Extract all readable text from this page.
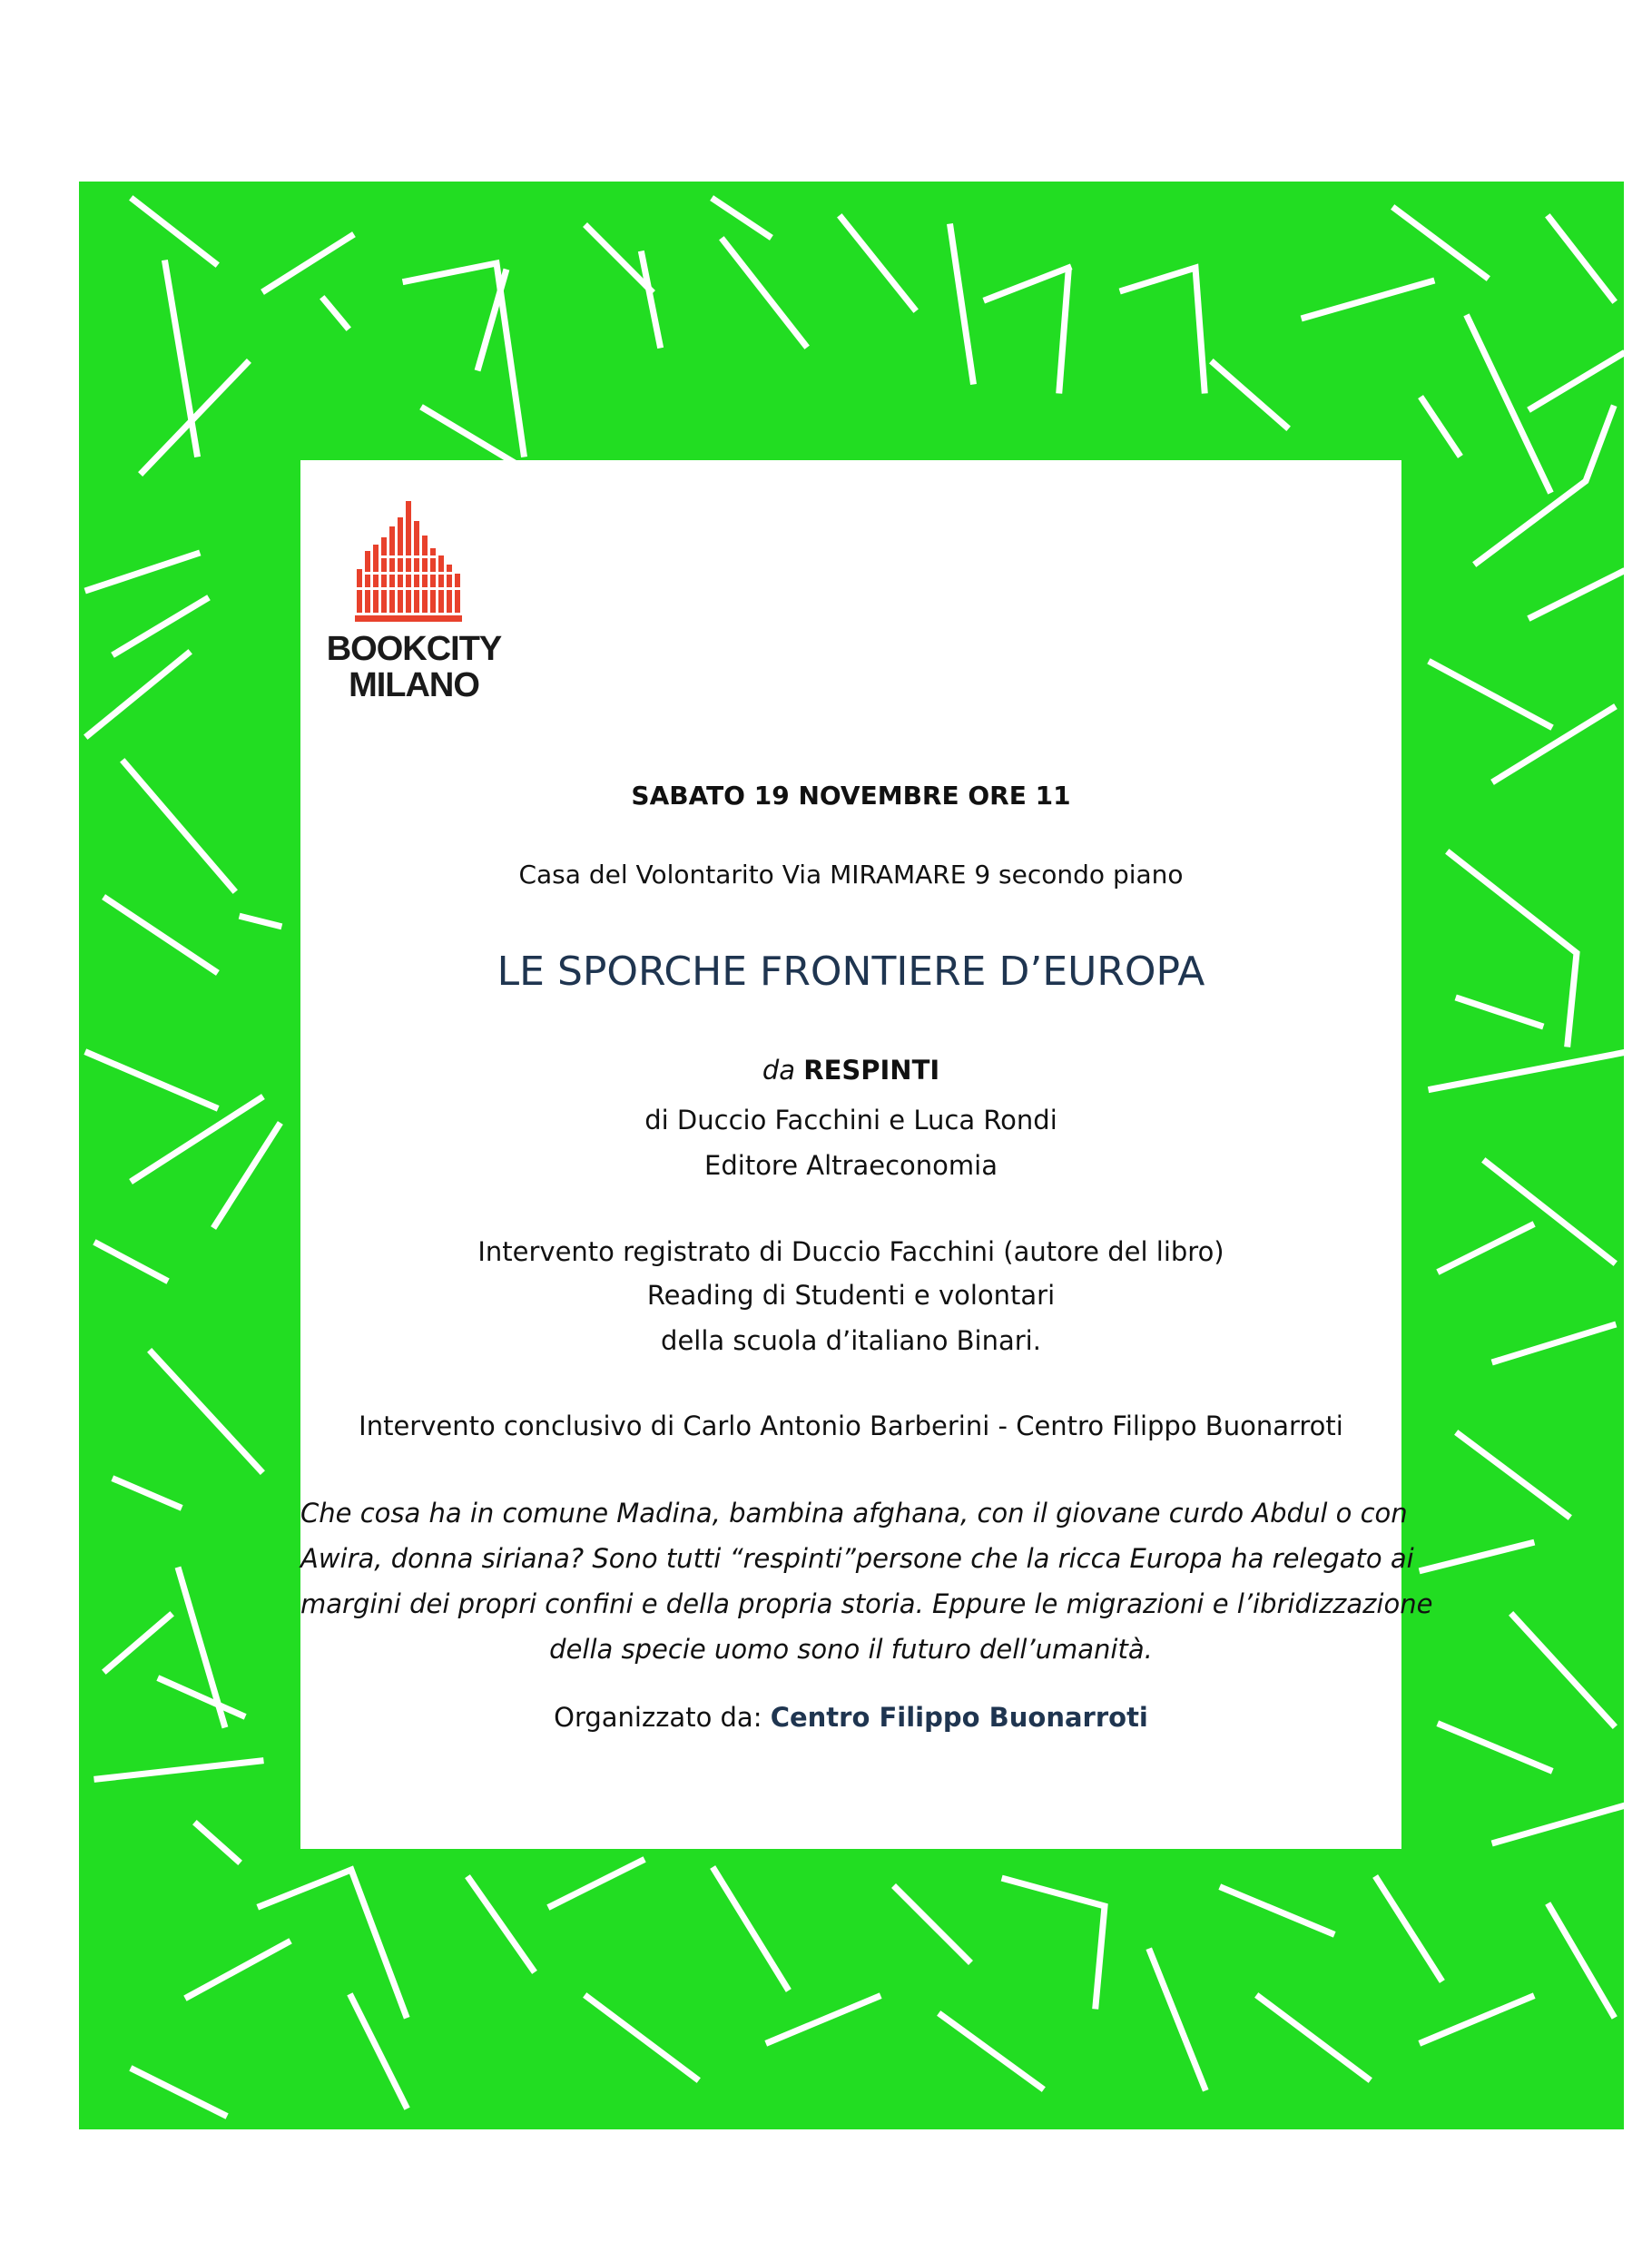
BOOKCITY
MILANO
SABATO 19 NOVEMBRE ORE 11
Casa del Volontarito Via MIRAMARE 9 secondo piano
LE SPORCHE FRONTIERE D’EUROPA
da RESPINTI
di Duccio Facchini e Luca Rondi
Editore Altraeconomia
Intervento registrato di Duccio Facchini (autore del libro)
Reading di Studenti e volontari
della scuola d’italiano Binari.
Intervento conclusivo di Carlo Antonio Barberini - Centro Filippo Buonarroti
Che cosa ha in comune Madina, bambina afghana, con il giovane curdo Abdul o con
Awira, donna siriana? Sono tutti “respinti”persone che la ricca Europa ha relegato ai
margini dei propri confini e della propria storia. Eppure le migrazioni e l’ibridizzazione
della specie uomo sono il futuro dell’umanità.
Organizzato da: Centro Filippo Buonarroti
